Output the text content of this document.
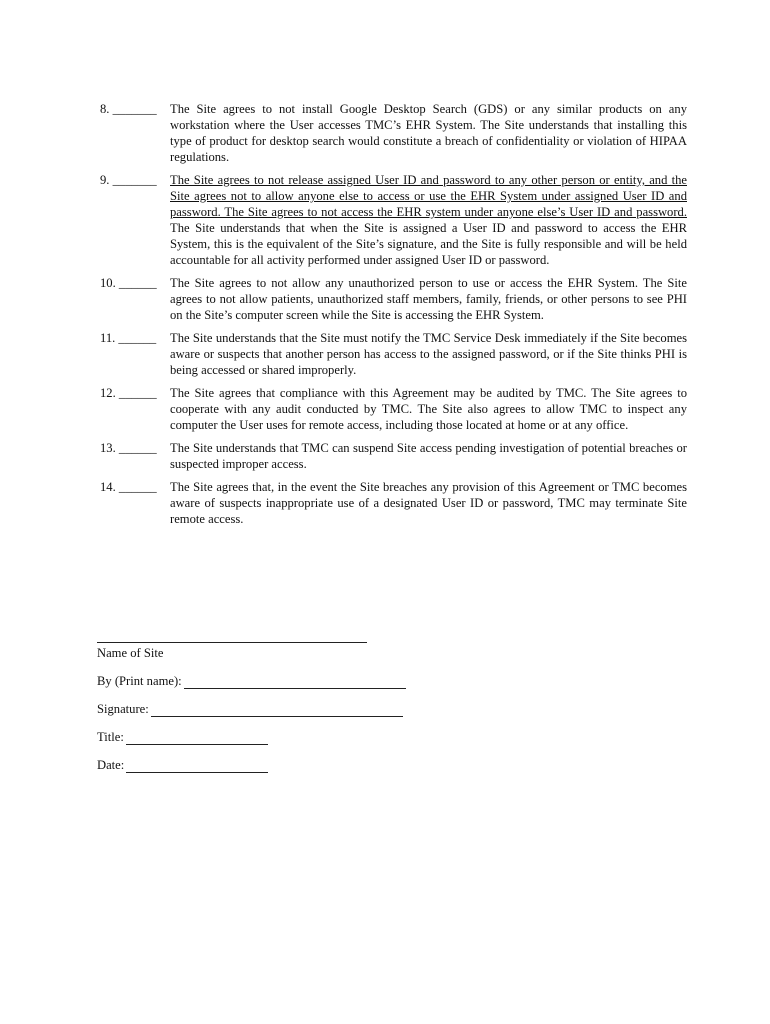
8. _______	The Site agrees to not install Google Desktop Search (GDS) or any similar products on any workstation where the User accesses TMC’s EHR System. The Site understands that installing this type of product for desktop search would constitute a breach of confidentiality or violation of HIPAA regulations.
9. _______	The Site agrees to not release assigned User ID and password to any other person or entity, and the Site agrees not to allow anyone else to access or use the EHR System under assigned User ID and password. The Site agrees to not access the EHR system under anyone else’s User ID and password. The Site understands that when the Site is assigned a User ID and password to access the EHR System, this is the equivalent of the Site’s signature, and the Site is fully responsible and will be held accountable for all activity performed under assigned User ID or password.
10. ______	The Site agrees to not allow any unauthorized person to use or access the EHR System. The Site agrees to not allow patients, unauthorized staff members, family, friends, or other persons to see PHI on the Site’s computer screen while the Site is accessing the EHR System.
11. ______	The Site understands that the Site must notify the TMC Service Desk immediately if the Site becomes aware or suspects that another person has access to the assigned password, or if the Site thinks PHI is being accessed or shared improperly.
12. ______	The Site agrees that compliance with this Agreement may be audited by TMC. The Site agrees to cooperate with any audit conducted by TMC. The Site also agrees to allow TMC to inspect any computer the User uses for remote access, including those located at home or at any office.
13. ______	The Site understands that TMC can suspend Site access pending investigation of potential breaches or suspected improper access.
14. ______	The Site agrees that, in the event the Site breaches any provision of this Agreement or TMC becomes aware of suspects inappropriate use of a designated User ID or password, TMC may terminate Site remote access.
Name of Site
By (Print name):
Signature:
Title:
Date:
